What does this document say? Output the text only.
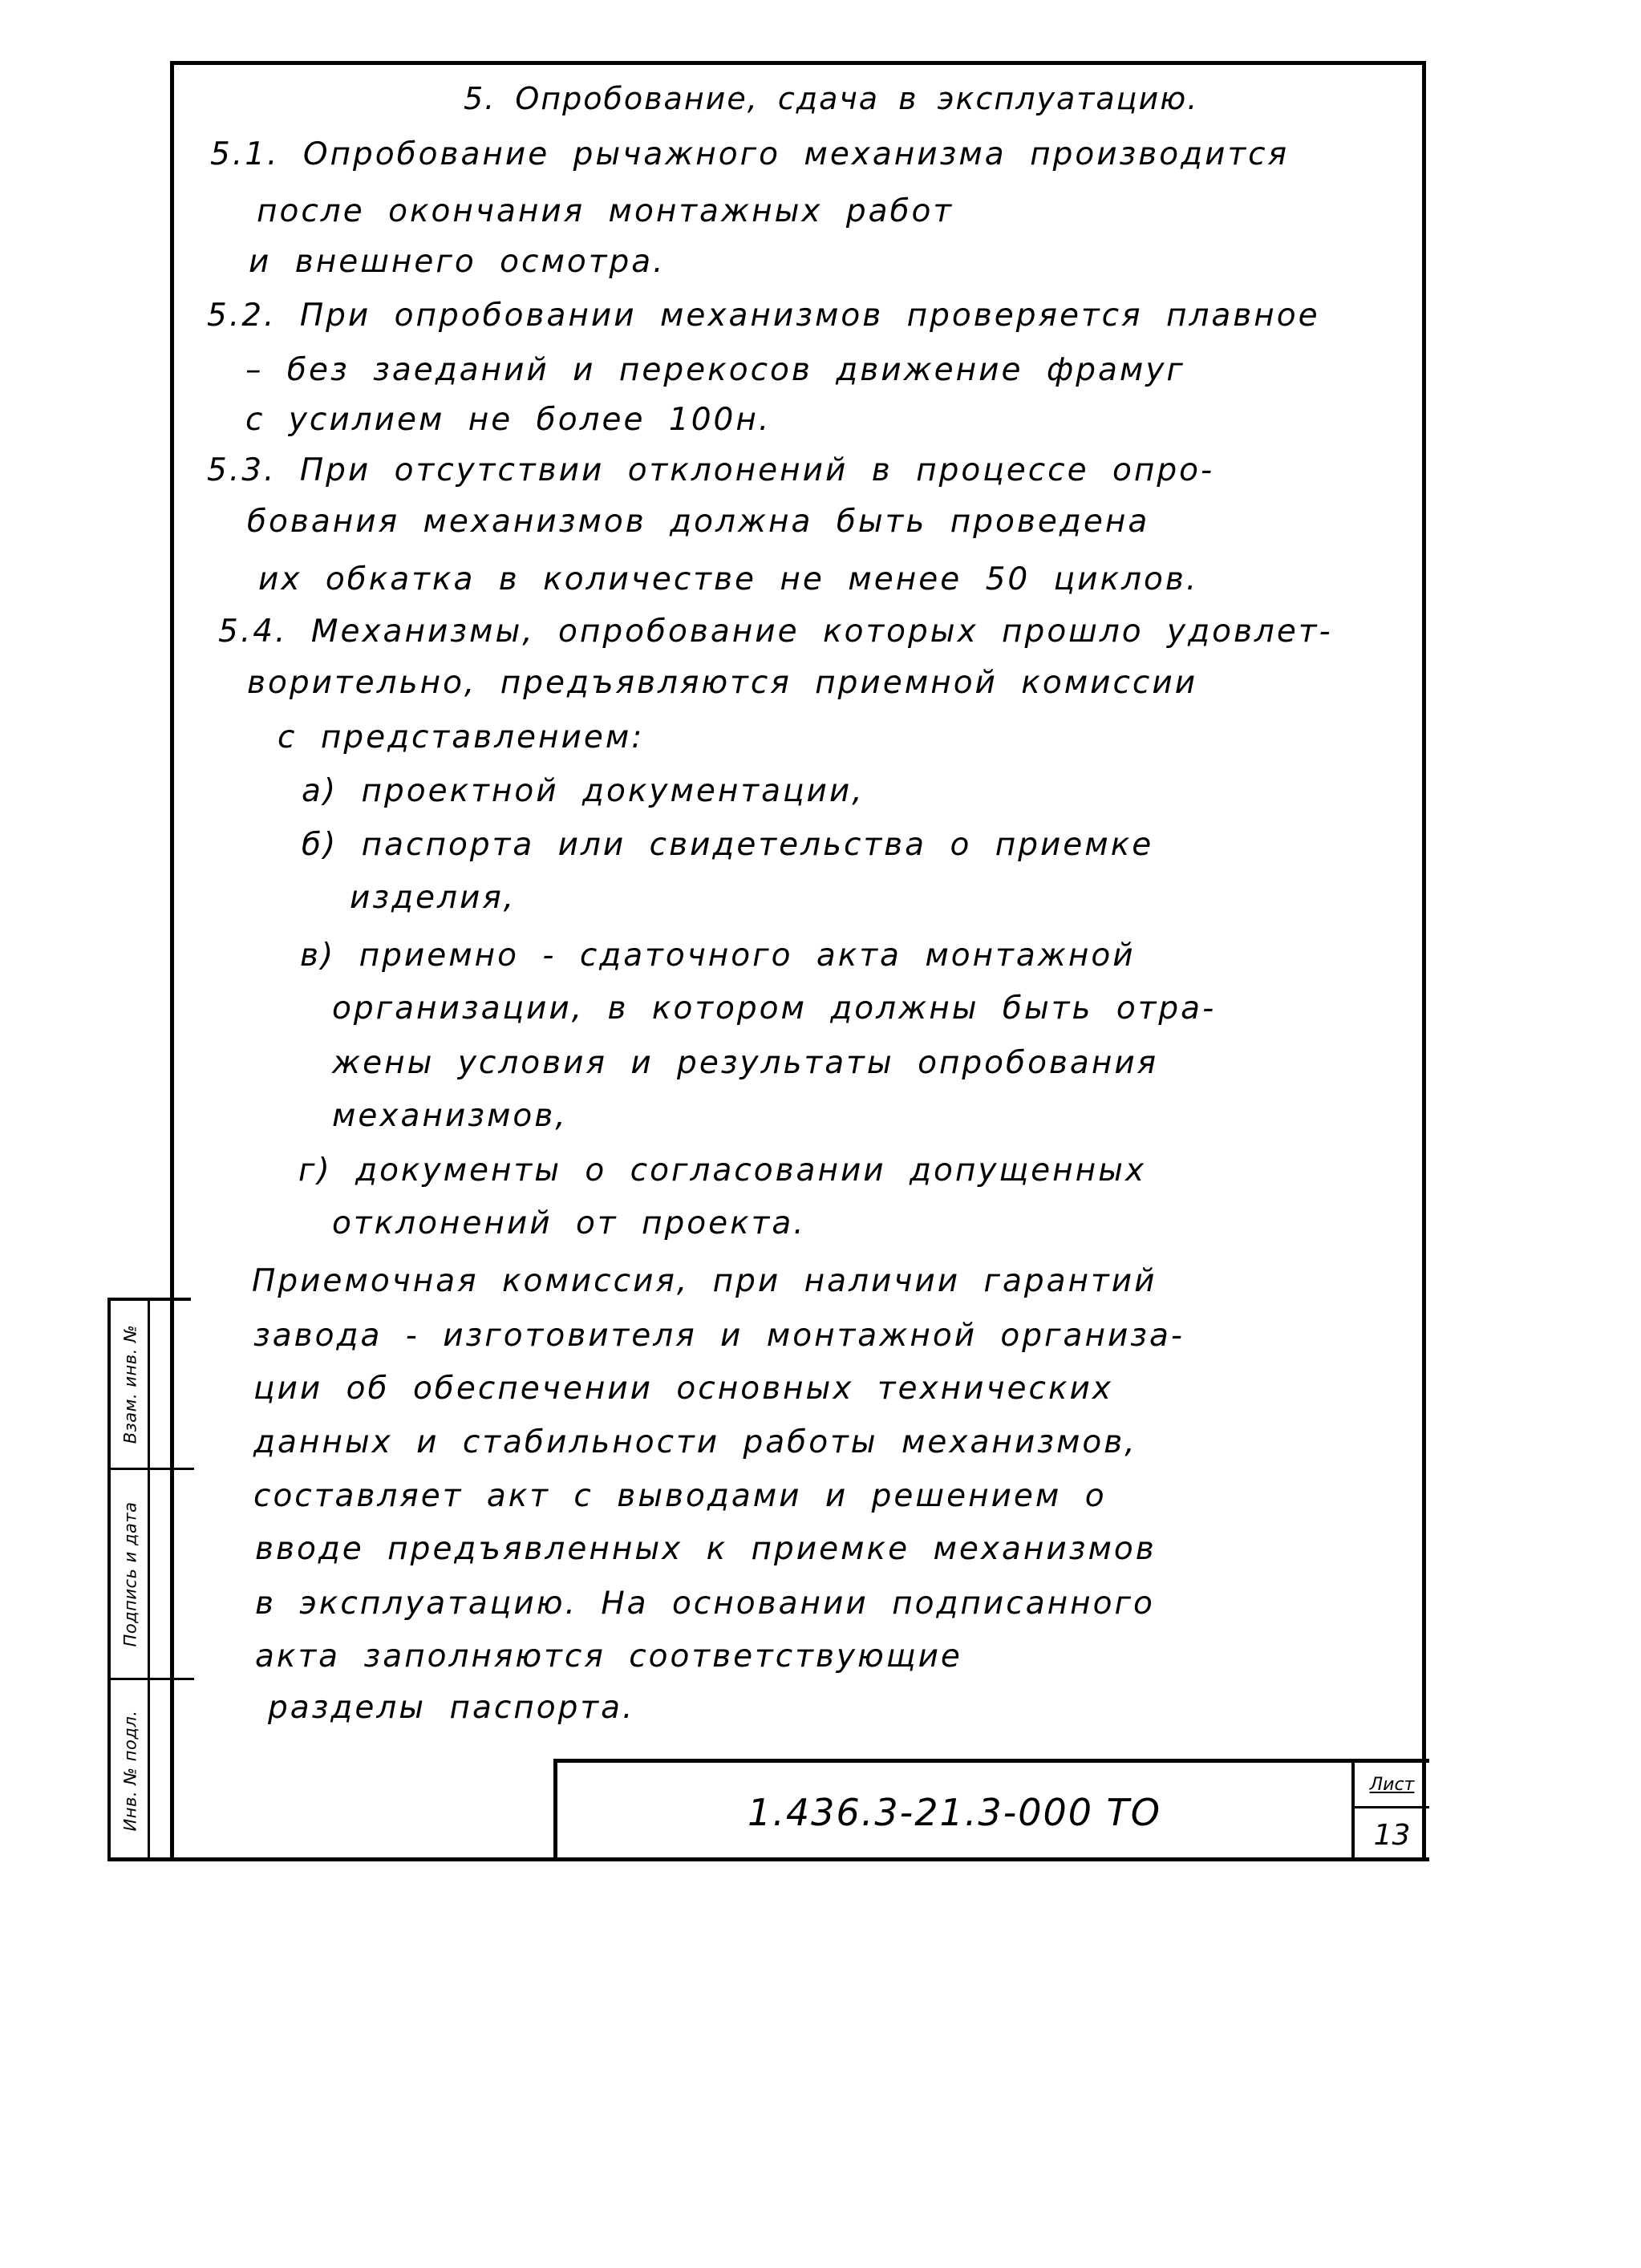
Взам. инв. №
Подпись и дата
Инв. № подл.	1.436.3-21.3-000 ТО
Лист
13
5. Опробование, сдача в эксплуатацию.
5.1. Опробование рычажного механизма производится
после окончания монтажных работ
и внешнего осмотра.
5.2. При опробовании механизмов проверяется плавное
– без заеданий и перекосов движение фрамуг
с усилием не более 100н.
5.3. При отсутствии отклонений в процессе опро-
бования механизмов должна быть проведена
их обкатка в количестве не менее 50 циклов.
5.4. Механизмы, опробование которых прошло удовлет-
ворительно, предъявляются приемной комиссии
с представлением:
а) проектной документации,
б) паспорта или свидетельства о приемке
изделия,
в) приемно - сдаточного акта монтажной
организации, в котором должны быть отра-
жены условия и результаты опробования
механизмов,
г) документы о согласовании допущенных
отклонений от проекта.
Приемочная комиссия, при наличии гарантий
завода - изготовителя и монтажной организа-
ции об обеспечении основных технических
данных и стабильности работы механизмов,
составляет акт с выводами и решением о
вводе предъявленных к приемке механизмов
в эксплуатацию. На основании подписанного
акта заполняются соответствующие
разделы паспорта.
